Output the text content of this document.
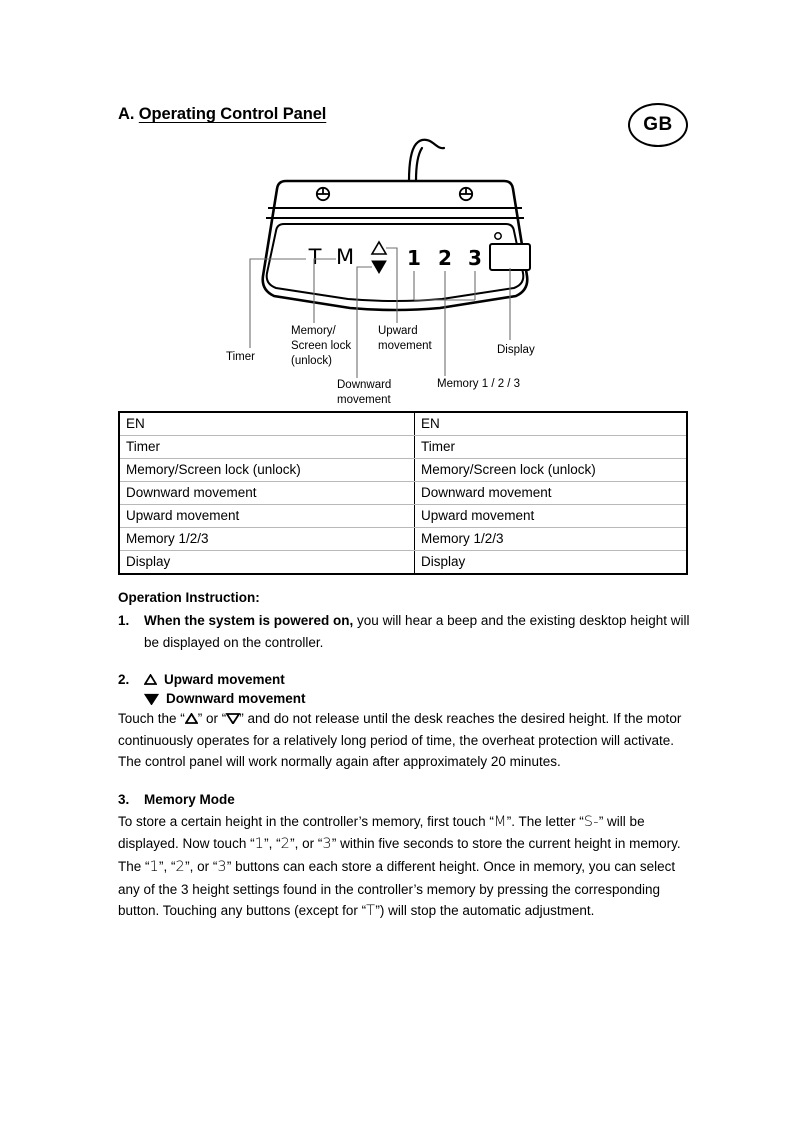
A. Operating Control Panel	GB
T M	1 2 3
Timer
Memory/
Screen lock
(unlock)
Downward
movement
Upward
movement
Memory 1 / 2 / 3
Display
EN	EN
Timer	Timer
Memory/Screen lock (unlock)	Memory/Screen lock (unlock)
Downward movement	Downward movement
Upward movement	Upward movement
Memory 1/2/3	Memory 1/2/3
Display	Display
Operation Instruction:
1. When the system is powered on, you will hear a beep and the existing desktop height will be displayed on the controller.
2.	Upward movement
Downward movement
Touch the “ ” or “ ” and do not release until the desk reaches the desired height. If the motor continuously operates for a relatively long period of time, the overheat protection will activate. The control panel will work normally again after approximately 20 minutes.
3. Memory Mode
To store a certain height in the controller’s memory, first touch “M”. The letter “S-” will be displayed. Now touch “1”, “2”, or “3” within five seconds to store the current height in memory. The “1”, “2”, or “3” buttons can each store a different height. Once in memory, you can select any of the 3 height settings found in the controller’s memory by pressing the corresponding button. Touching any buttons (except for “T”) will stop the automatic adjustment.
